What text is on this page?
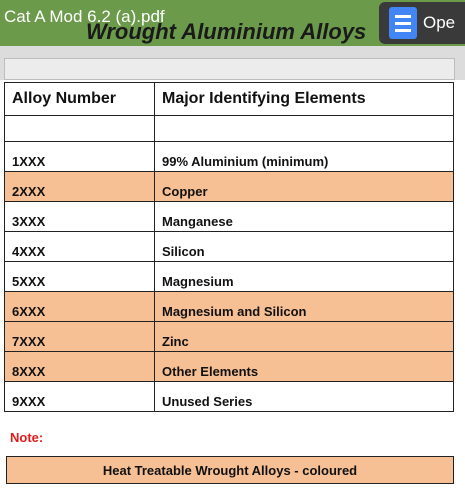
Wrought Aluminium Alloys
Cat A Mod 6.2 (a).pdf	Ope
Alloy Number	Major Identifying Elements

1XXX	99% Aluminium (minimum)
2XXX	Copper
3XXX	Manganese
4XXX	Silicon
5XXX	Magnesium
6XXX	Magnesium and Silicon
7XXX	Zinc
8XXX	Other Elements
9XXX	Unused Series
Note:
Heat Treatable Wrought Alloys - coloured
